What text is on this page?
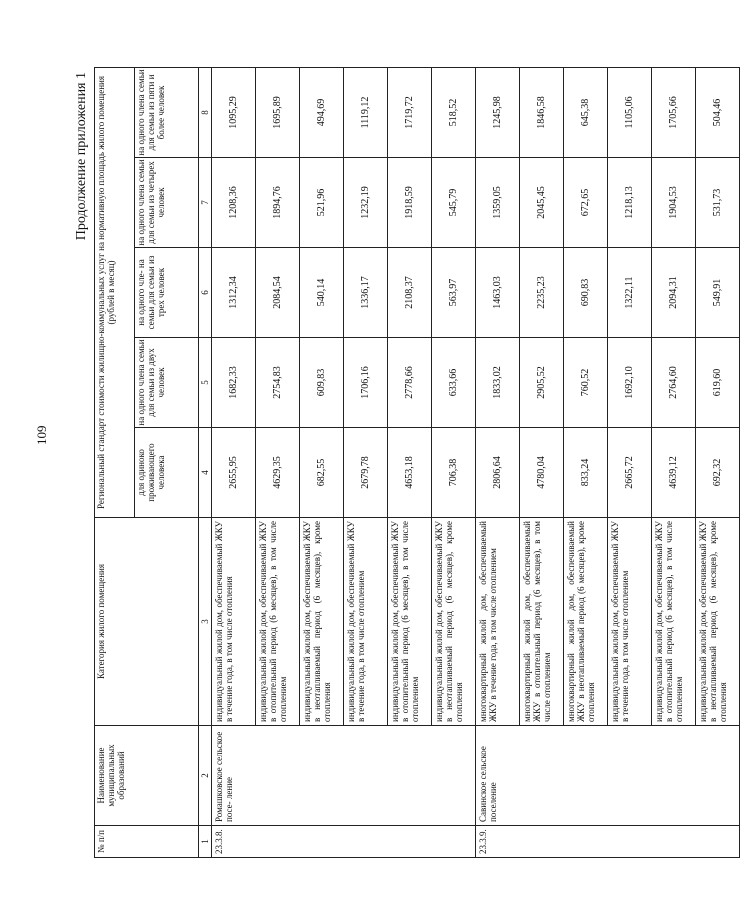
109
Продолжение приложения 1
№ п/п	Наименование муниципальных образований	Категория жилого помещения	Региональный стандарт стоимости жилищно-коммунальных услуг на нормативную площадь жилого помещения (рублей в месяц)				
			для одиноко проживающего человека	на одного члена семьи для семьи из двух человек	на одного чле- на семьи для семьи из трех человек	на одного члена семьи для семьи из четырех человек	на одного члена семьи для семьи из пяти и более человек
1	2	3	4	5	6	7	8
23.3.8.	Ромашковское сельское посе- ление	индивидуальный жилой дом, обеспечиваемый ЖКУ в течение года, в том числе отопления	2655,95	1682,33	1312,34	1208,36	1095,29
		индивидуальный жилой дом, обеспечиваемый ЖКУ в отопительный период (6 месяцев), в том числе отоплением	4629,35	2754,83	2084,54	1894,76	1695,89
		индивидуальный жилой дом, обеспечиваемый ЖКУ в неотапливаемый период (6 месяцев), кроме отопления	682,55	609,83	540,14	521,96	494,69
		индивидуальный жилой дом, обеспечиваемый ЖКУ в течение года, в том числе отоплением	2679,78	1706,16	1336,17	1232,19	1119,12
		индивидуальный жилой дом, обеспечиваемый ЖКУ в отопительный период (6 месяцев), в том числе отоплением	4653,18	2778,66	2108,37	1918,59	1719,72
		индивидуальный жилой дом, обеспечиваемый ЖКУ в неотапливаемый период (6 месяцев), кроме отопления	706,38	633,66	563,97	545,79	518,52
23.3.9.	Савинское сельское поселение	многоквартирный жилой дом, обеспечиваемый ЖКУ в течение года, в том числе отоплением	2806,64	1833,02	1463,03	1359,05	1245,98
		многоквартирный жилой дом, обеспечиваемый ЖКУ в отопительный период (6 месяцев), в том числе отоплением	4780,04	2905,52	2235,23	2045,45	1846,58
		многоквартирный жилой дом, обеспечиваемый ЖКУ в неотапливаемый период (6 месяцев), кроме отопления	833,24	760,52	690,83	672,65	645,38
		индивидуальный жилой дом, обеспечиваемый ЖКУ в течение года, в том числе отоплением	2665,72	1692,10	1322,11	1218,13	1105,06
		индивидуальный жилой дом, обеспечиваемый ЖКУ в отопительный период (6 месяцев), в том числе отоплением	4639,12	2764,60	2094,31	1904,53	1705,66
		индивидуальный жилой дом, обеспечиваемый ЖКУ в неотапливаемый период (6 месяцев), кроме отопления	692,32	619,60	549,91	531,73	504,46
